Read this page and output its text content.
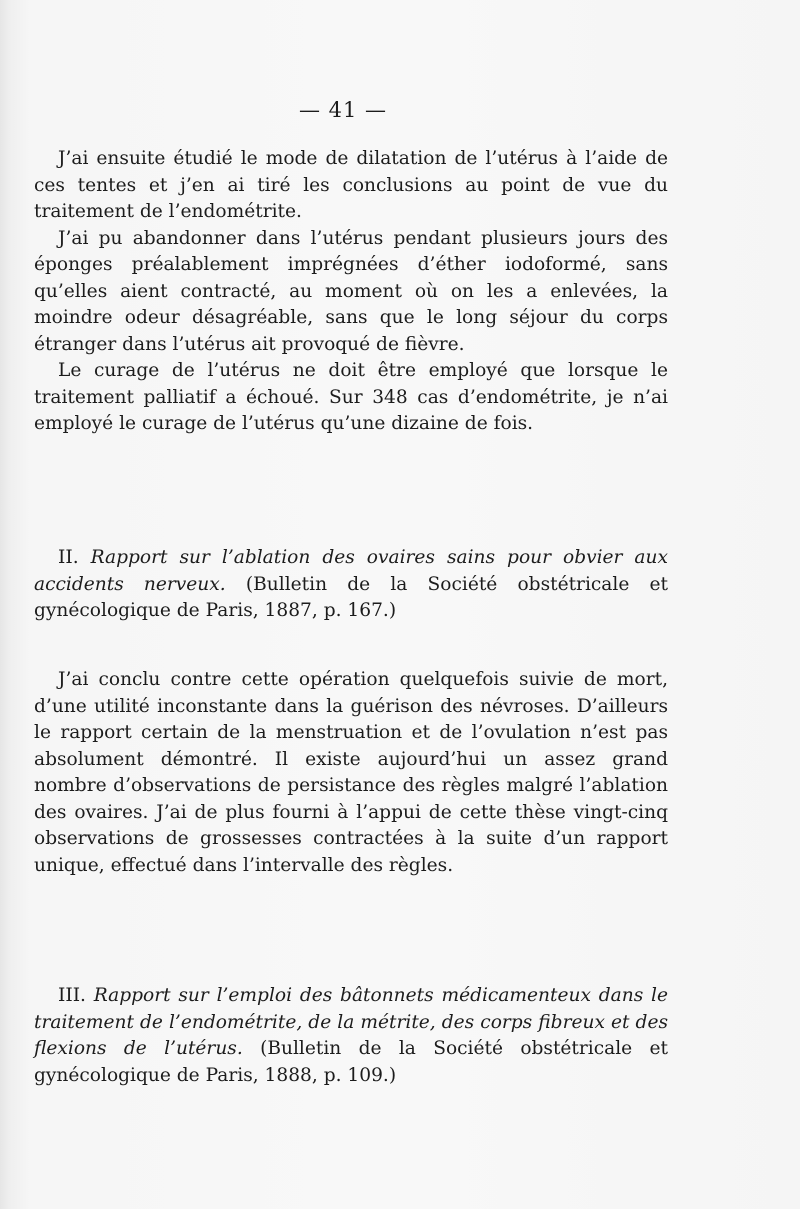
— 41 —

J’ai ensuite étudié le mode de dilatation de l’utérus à l’aide de ces tentes et j’en ai tiré les conclusions au point de vue du traitement de l’endométrite.

J’ai pu abandonner dans l’utérus pendant plusieurs jours des éponges préalablement imprégnées d’éther iodoformé, sans qu’elles aient contracté, au moment où on les a enlevées, la moindre odeur désagréable, sans que le long séjour du corps étranger dans l’utérus ait provoqué de fièvre.

Le curage de l’utérus ne doit être employé que lorsque le traitement palliatif a échoué. Sur 348 cas d’endométrite, je n’ai employé le curage de l’utérus qu’une dizaine de fois.

II. Rapport sur l’ablation des ovaires sains pour obvier aux accidents nerveux. (Bulletin de la Société obstétricale et gynécologique de Paris, 1887, p. 167.)

J’ai conclu contre cette opération quelquefois suivie de mort, d’une utilité inconstante dans la guérison des névroses. D’ailleurs le rapport certain de la menstruation et de l’ovulation n’est pas absolument démontré. Il existe aujourd’hui un assez grand nombre d’observations de persistance des règles malgré l’ablation des ovaires. J’ai de plus fourni à l’appui de cette thèse vingt-cinq observations de grossesses contractées à la suite d’un rapport unique, effectué dans l’intervalle des règles.

III. Rapport sur l’emploi des bâtonnets médicamenteux dans le traitement de l’endométrite, de la métrite, des corps fibreux et des flexions de l’utérus. (Bulletin de la Société obstétricale et gynécologique de Paris, 1888, p. 109.)
